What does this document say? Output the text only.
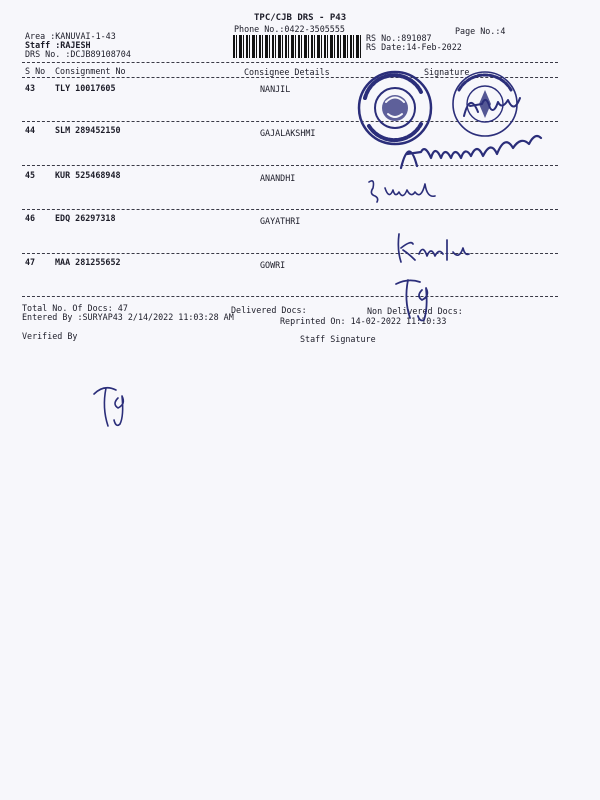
TPC/CJB DRS - P43
Phone No.:0422-3505555	Page No.:4
Area :KANUVAI-1-43
Staff :RAJESH
DRS No. :DCJB89108704
RS No.:891087
RS Date:14-Feb-2022
S No Consignment No	Consignee Details	Signature
43 TLY 10017605	NANJIL
44 SLM 289452150	GAJALAKSHMI
45 KUR 525468948	ANANDHI
46 EDQ 26297318	GAYATHRI
47 MAA 281255652	GOWRI
Total No. Of Docs: 47	Delivered Docs:	Non Delivered Docs:
Entered By :SURYAP43 2/14/2022 11:03:28 AM	Reprinted On: 14-02-2022 11:10:33
Verified By	Staff Signature
